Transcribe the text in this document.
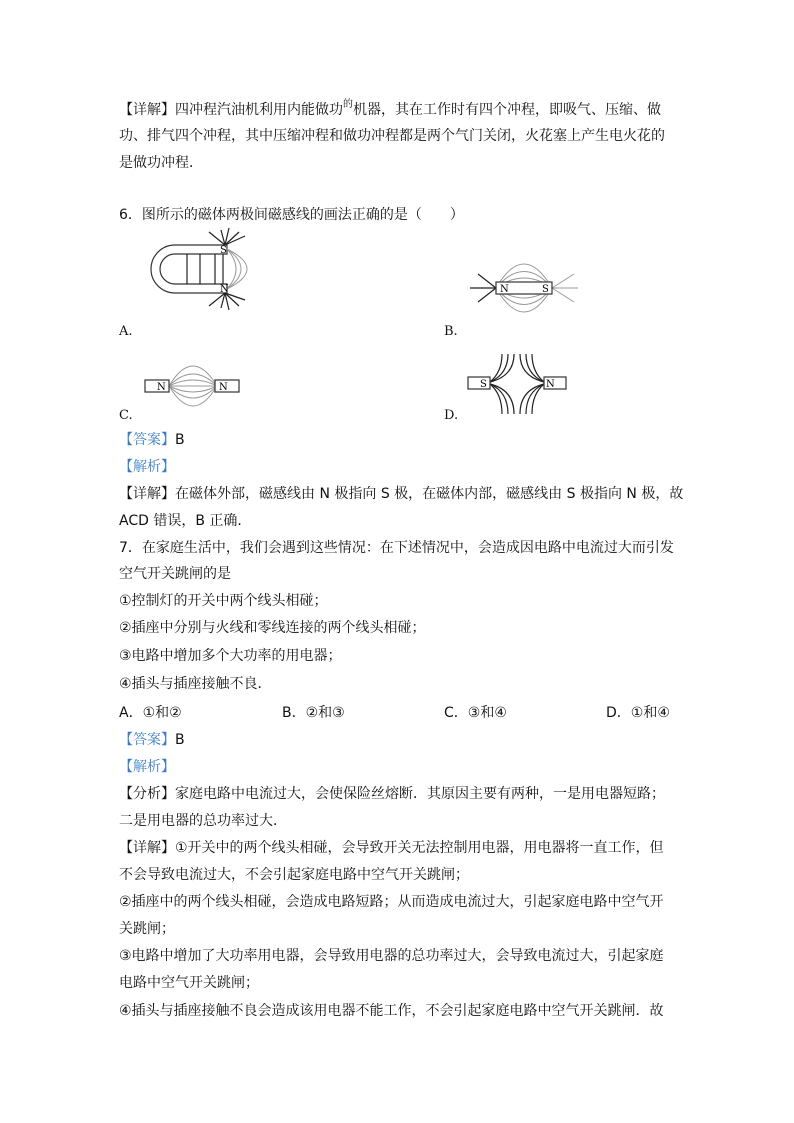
【详解】四冲程汽油机利用内能做功$^的$机器，其在工作时有四个冲程，即吸气、压缩、做
功、排气四个冲程，其中压缩冲程和做功冲程都是两个气门关闭，火花塞上产生电火花的
是做功冲程．
6．图所示的磁体两极间磁感线的画法正确的是（　　）
S
N
A.
N	S
B.
N	N
C.
S	N
D.
【答案】B
【解析】
【详解】在磁体外部，磁感线由 N 极指向 S 极，在磁体内部，磁感线由 S 极指向 N 极，故
ACD 错误，B 正确．
7．在家庭生活中，我们会遇到这些情况：在下述情况中，会造成因电路中电流过大而引发
空气开关跳闸的是
①控制灯的开关中两个线头相碰；
②插座中分别与火线和零线连接的两个线头相碰；
③电路中增加多个大功率的用电器；
④插头与插座接触不良．
A．①和②	B．②和③	C．③和④	D．①和④
【答案】B
【解析】
【分析】家庭电路中电流过大，会使保险丝熔断．其原因主要有两种，一是用电器短路；
二是用电器的总功率过大．
【详解】①开关中的两个线头相碰，会导致开关无法控制用电器，用电器将一直工作，但
不会导致电流过大，不会引起家庭电路中空气开关跳闸；
②插座中的两个线头相碰，会造成电路短路；从而造成电流过大，引起家庭电路中空气开
关跳闸；
③电路中增加了大功率用电器，会导致用电器的总功率过大，会导致电流过大，引起家庭
电路中空气开关跳闸；
④插头与插座接触不良会造成该用电器不能工作，不会引起家庭电路中空气开关跳闸．故
